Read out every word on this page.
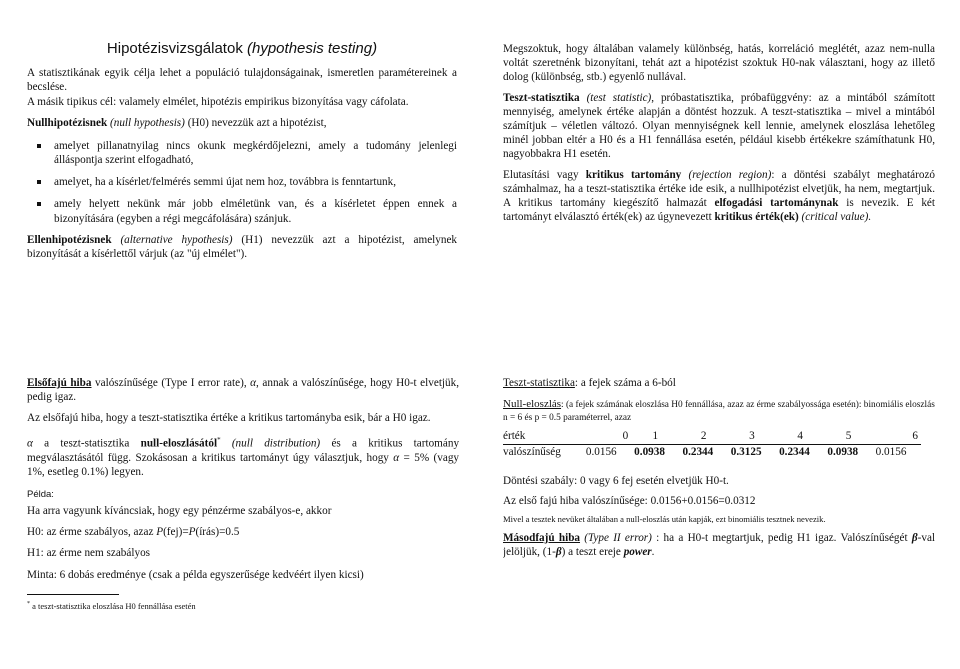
Hipotézisvizsgálatok (hypothesis testing)

A statisztikának egyik célja lehet a populáció tulajdonságainak, ismeretlen paramétereinek a becslése.

A másik tipikus cél: valamely elmélet, hipotézis empirikus bizonyítása vagy cáfolata.

Nullhipotézisnek (null hypothesis) (H0) nevezzük azt a hipotézist,

amelyet pillanatnyilag nincs okunk megkérdőjelezni, amely a tudomány jelenlegi álláspontja szerint elfogadható,
amelyet, ha a kísérlet/felmérés semmi újat nem hoz, továbbra is fenntartunk,
amely helyett nekünk már jobb elméletünk van, és a kísérletet éppen ennek a bizonyítására (egyben a régi megcáfolására) szánjuk.

Ellenhipotézisnek (alternative hypothesis) (H1) nevezzük azt a hipotézist, amelynek bizonyítását a kísérlettől várjuk (az "új elmélet").

Megszoktuk, hogy általában valamely különbség, hatás, korreláció meglétét, azaz nem-nulla voltát szeretnénk bizonyítani, tehát azt a hipotézist szoktuk H0-nak választani, hogy az illető dolog (különbség, stb.) egyenlő nullával.

Teszt-statisztika (test statistic), próbastatisztika, próbafüggvény: az a mintából számított mennyiség, amelynek értéke alapján a döntést hozzuk. A teszt-statisztika – mivel a mintából számítjuk – véletlen változó. Olyan mennyiségnek kell lennie, amelynek eloszlása lehetőleg minél jobban eltér a H0 és a H1 fennállása esetén, például kisebb értékekre számíthatunk H0, nagyobbakra H1 esetén.

Elutasítási vagy kritikus tartomány (rejection region): a döntési szabályt meghatározó számhalmaz, ha a teszt-statisztika értéke ide esik, a nullhipotézist elvetjük, ha nem, megtartjuk. A kritikus tartomány kiegészítő halmazát elfogadási tartománynak is nevezik. E két tartományt elválasztó érték(ek) az úgynevezett kritikus érték(ek) (critical value).

Elsőfajú hiba valószínűsége (Type I error rate), α, annak a valószínűsége, hogy H0-t elvetjük, pedig igaz.

Az elsőfajú hiba, hogy a teszt-statisztika értéke a kritikus tartományba esik, bár a H0 igaz.

α a teszt-statisztika null-eloszlásától* (null distribution) és a kritikus tartomány megválasztásától függ. Szokásosan a kritikus tartományt úgy választjuk, hogy α = 5% (vagy 1%, esetleg 0.1%) legyen.

Példa:

Ha arra vagyunk kíváncsiak, hogy egy pénzérme szabályos-e, akkor

H0: az érme szabályos, azaz P(fej)=P(írás)=0.5

H1: az érme nem szabályos

Minta: 6 dobás eredménye (csak a példa egyszerűsége kedvéért ilyen kicsi)

* a teszt-statisztika eloszlása H0 fennállása esetén

Teszt-statisztika: a fejek száma a 6-ból

Null-eloszlás: (a fejek számának eloszlása H0 fennállása, azaz az érme szabályossága esetén): binomiális eloszlás n = 6 és p = 0.5 paraméterrel, azaz

érték	0	1	2	3	4	5	6
valószínűség	0.0156	0.0938	0.2344	0.3125	0.2344	0.0938	0.0156

Döntési szabály: 0 vagy 6 fej esetén elvetjük H0-t.

Az első fajú hiba valószínűsége: 0.0156+0.0156=0.0312

Mivel a tesztek nevüket általában a null-eloszlás után kapják, ezt binomiális tesztnek nevezik.

Másodfajú hiba (Type II error) : ha a H0-t megtartjuk, pedig H1 igaz. Valószínűségét β-val jelöljük, (1-β) a teszt ereje power.
